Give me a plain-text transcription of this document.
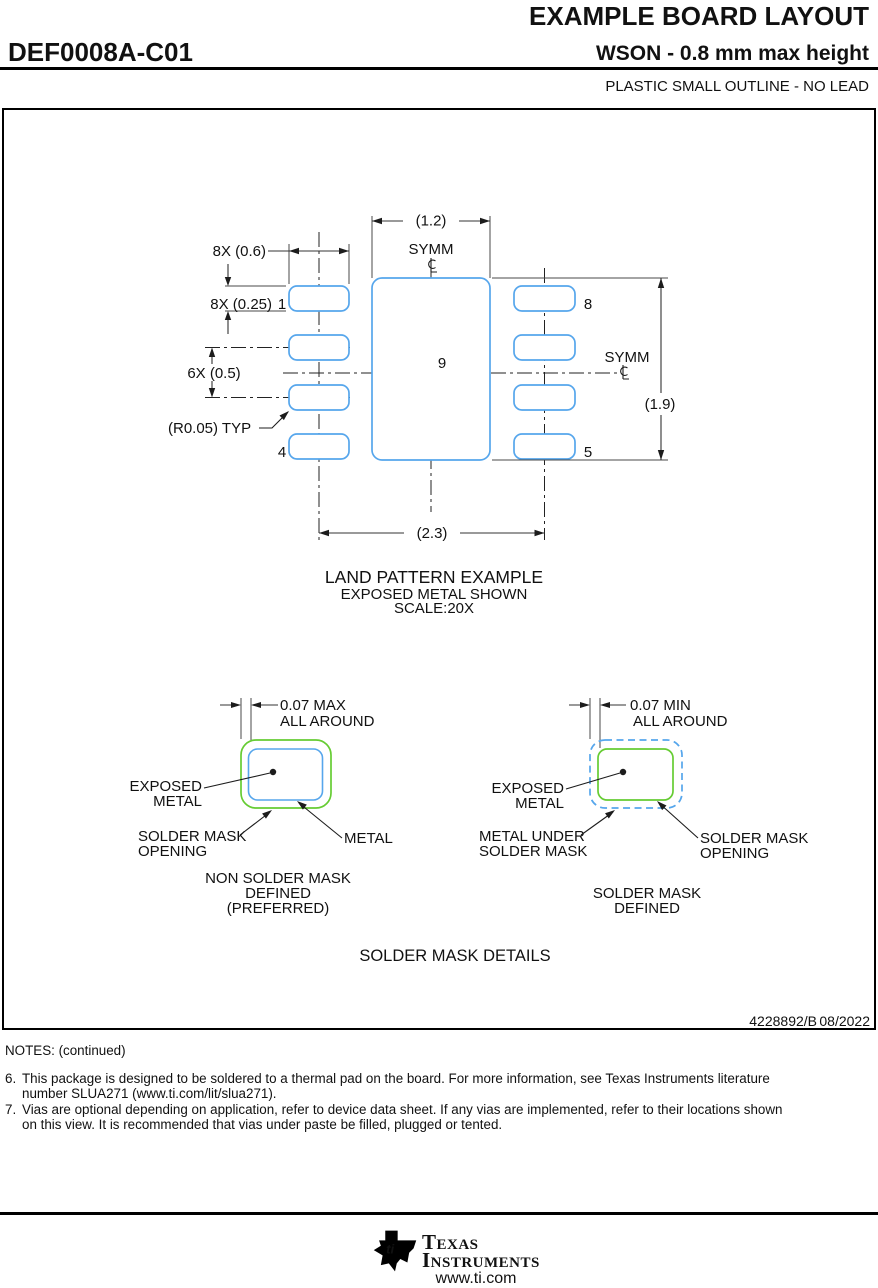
EXAMPLE BOARD LAYOUT
DEF0008A-C01	WSON - 0.8 mm max height
PLASTIC SMALL OUTLINE - NO LEAD
(1.2)
SYMM
8X (0.6)
8X (0.25)
6X (0.5)
(R0.05) TYP
1
4
8
5
9
(1.9)
SYMM
(2.3)
LAND PATTERN EXAMPLE
EXPOSED METAL SHOWN
SCALE:20X
0.07 MAX
ALL AROUND
EXPOSED
METAL
SOLDER MASK
OPENING
METAL
NON SOLDER MASK
DEFINED
(PREFERRED)
0.07 MIN
ALL AROUND
EXPOSED
METAL
METAL UNDER
SOLDER MASK
SOLDER MASK
OPENING
SOLDER MASK
DEFINED
SOLDER MASK DETAILS
4228892/B 08/2022

NOTES: (continued)

6. This package is designed to be soldered to a thermal pad on the board. For more information, see Texas Instruments literature
number SLUA271 (www.ti.com/lit/slua271).
7. Vias are optional depending on application, refer to device data sheet. If any vias are implemented, refer to their locations shown
on this view. It is recommended that vias under paste be filled, plugged or tented.
ti Texas
Instruments
www.ti.com
